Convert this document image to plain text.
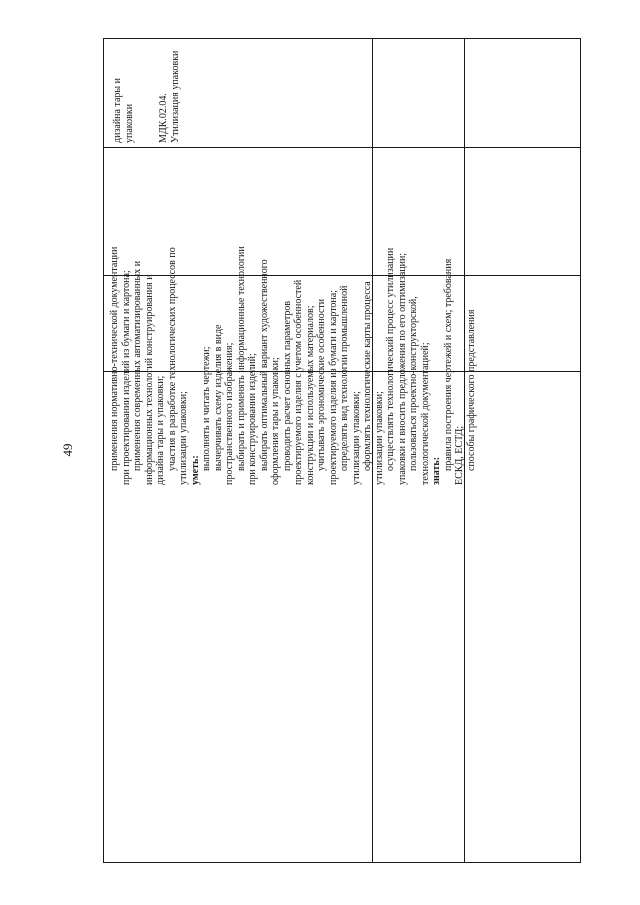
49	применения нормативно-технической документации при проектировании изделий из бумаги и картона; применения современных автоматизированных и информационных технологий конструирования и дизайна тары и упаковки; участия в разработке технологических процессов по утилизации упаковки; уметь: выполнять и читать чертежи; вычерчивать схему изделия в виде пространственного изображения; выбирать и применять информационные технологии при конструировании изделий; выбирать оптимальный вариант художественного оформления тары и упаковки; проводить расчет основных параметров проектируемого изделия с учетом особенностей конструкции и используемых материалов; учитывать эргономические особенности проектируемого изделия из бумаги и картона; определять вид технологии промышленной утилизации упаковки; оформлять технологические карты процесса утилизации упаковки; осуществлять технологический процесс утилизации упаковки и вносить предложения по его оптимизации; пользоваться проектно-конструкторской, технологической документацией; знать: правила построения чертежей и схем; требования ЕСКД, ЕСТД; способы графического представления
дизайна тары и упаковки

МДК.02.04. Утилизация упаковки
